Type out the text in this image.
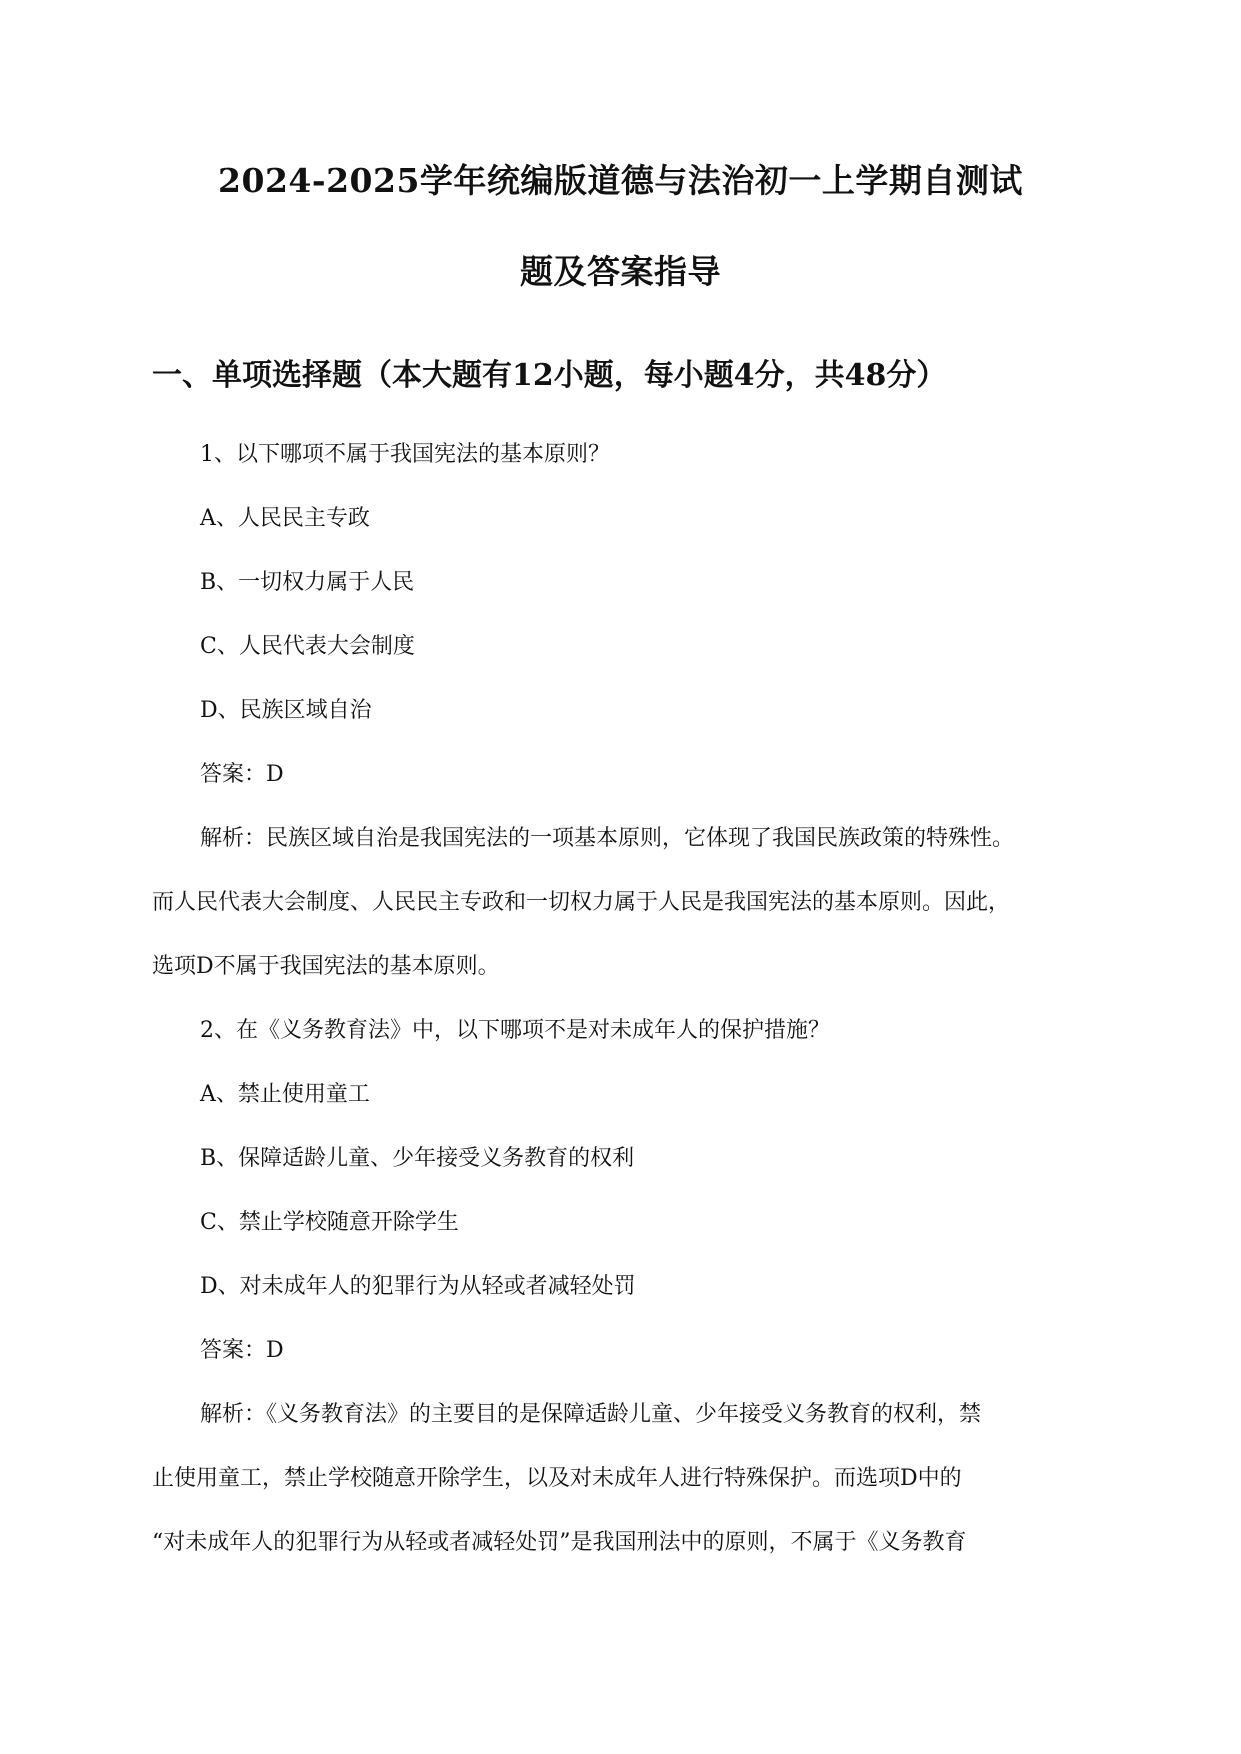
2024-2025学年统编版道德与法治初一上学期自测试
题及答案指导
一、单项选择题（本大题有12小题，每小题4分，共48分）
1、以下哪项不属于我国宪法的基本原则？
A、人民民主专政
B、一切权力属于人民
C、人民代表大会制度
D、民族区域自治
答案：D
解析：民族区域自治是我国宪法的一项基本原则，它体现了我国民族政策的特殊性。
而人民代表大会制度、人民民主专政和一切权力属于人民是我国宪法的基本原则。因此，
选项D不属于我国宪法的基本原则。
2、在《义务教育法》中，以下哪项不是对未成年人的保护措施？
A、禁止使用童工
B、保障适龄儿童、少年接受义务教育的权利
C、禁止学校随意开除学生
D、对未成年人的犯罪行为从轻或者减轻处罚
答案：D
解析：《义务教育法》的主要目的是保障适龄儿童、少年接受义务教育的权利，禁
止使用童工，禁止学校随意开除学生，以及对未成年人进行特殊保护。而选项D中的
“对未成年人的犯罪行为从轻或者减轻处罚”是我国刑法中的原则，不属于《义务教育
